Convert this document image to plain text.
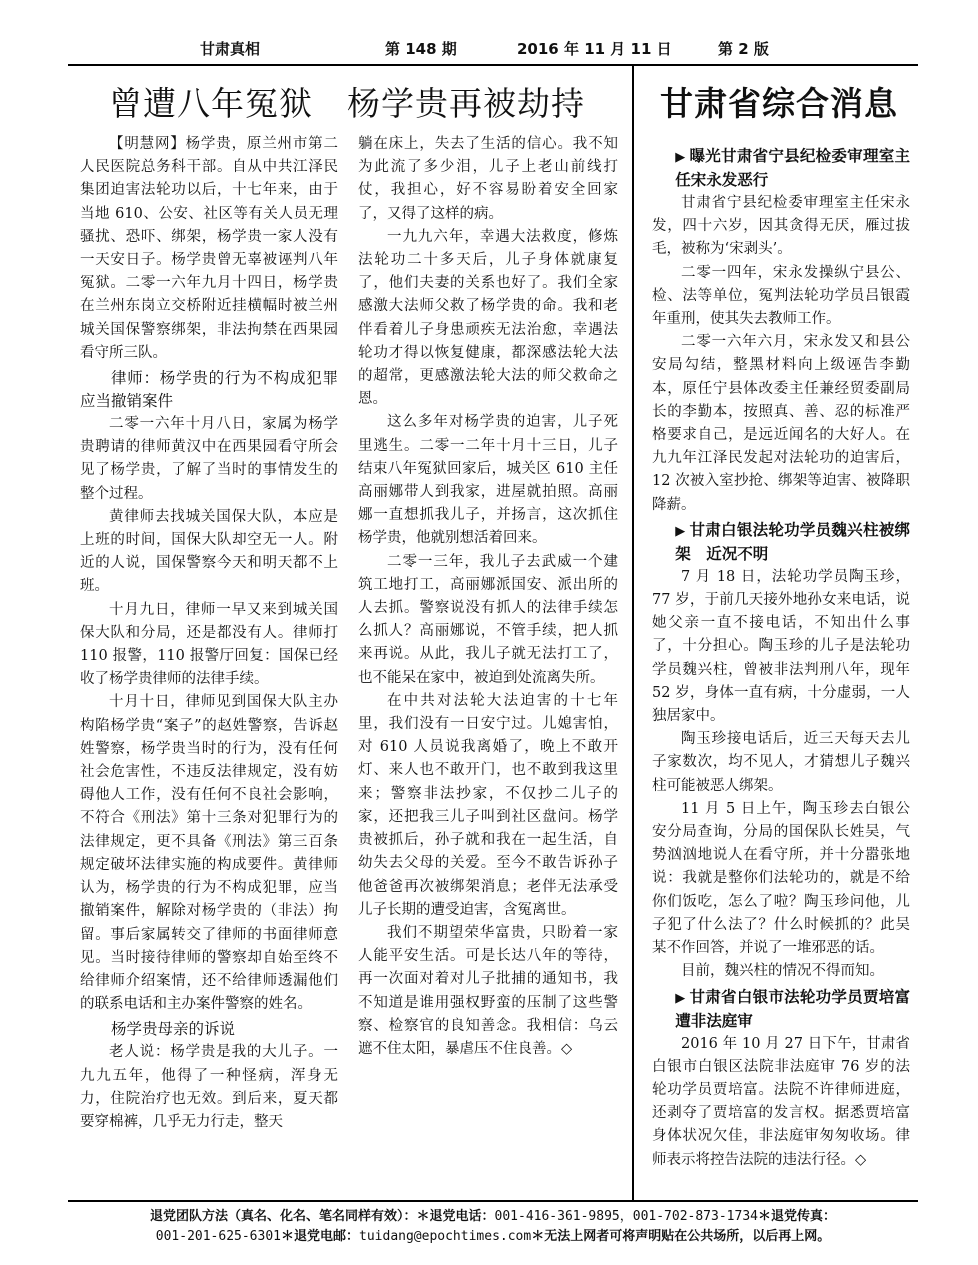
甘肃真相	第 148 期	2016 年 11 月 11 日	第 2 版
曾遭八年冤狱　杨学贵再被劫持	甘肃省综合消息

【明慧网】杨学贵，原兰州市第二人民医院总务科干部。自从中共江泽民集团迫害法轮功以后，十七年来，由于当地 610、公安、社区等有关人员无理骚扰、恐吓、绑架，杨学贵一家人没有一天安日子。杨学贵曾无辜被诬判八年冤狱。二零一六年九月十四日，杨学贵在兰州东岗立交桥附近挂横幅时被兰州城关国保警察绑架，非法拘禁在西果园看守所三队。

律师：杨学贵的行为不构成犯罪　　应当撤销案件

二零一六年十月八日，家属为杨学贵聘请的律师黄汉中在西果园看守所会见了杨学贵，了解了当时的事情发生的整个过程。

黄律师去找城关国保大队，本应是上班的时间，国保大队却空无一人。附近的人说，国保警察今天和明天都不上班。

十月九日，律师一早又来到城关国保大队和分局，还是都没有人。律师打 110 报警，110 报警厅回复：国保已经收了杨学贵律师的法律手续。

十月十日，律师见到国保大队主办构陷杨学贵“案子”的赵姓警察，告诉赵姓警察，杨学贵当时的行为，没有任何社会危害性，不违反法律规定，没有妨碍他人工作，没有任何不良社会影响，不符合《刑法》第十三条对犯罪行为的法律规定，更不具备《刑法》第三百条规定破坏法律实施的构成要件。黄律师认为，杨学贵的行为不构成犯罪，应当撤销案件，解除对杨学贵的（非法）拘留。事后家属转交了律师的书面律师意见。当时接待律师的警察却自始至终不给律师介绍案情，还不给律师透漏他们的联系电话和主办案件警察的姓名。

杨学贵母亲的诉说

老人说：杨学贵是我的大儿子。一九九五年，他得了一种怪病，浑身无力，住院治疗也无效。到后来，夏天都要穿棉裤，几乎无力行走，整天

躺在床上，失去了生活的信心。我不知为此流了多少泪，儿子上老山前线打仗，我担心，好不容易盼着安全回家了，又得了这样的病。

一九九六年，幸遇大法救度，修炼法轮功二十多天后，儿子身体就康复了，他们夫妻的关系也好了。我们全家感激大法师父救了杨学贵的命。我和老伴看着儿子身患顽疾无法治愈，幸遇法轮功才得以恢复健康，都深感法轮大法的超常，更感激法轮大法的师父救命之恩。

这么多年对杨学贵的迫害，儿子死里逃生。二零一二年十月十三日，儿子结束八年冤狱回家后，城关区 610 主任高丽娜带人到我家，进屋就拍照。高丽娜一直想抓我儿子，并扬言，这次抓住杨学贵，他就别想活着回来。

二零一三年，我儿子去武威一个建筑工地打工，高丽娜派国安、派出所的人去抓。警察说没有抓人的法律手续怎么抓人？高丽娜说，不管手续，把人抓来再说。从此，我儿子就无法打工了，也不能呆在家中，被迫到处流离失所。

在中共对法轮大法迫害的十七年里，我们没有一日安宁过。儿媳害怕，对 610 人员说我离婚了，晚上不敢开灯、来人也不敢开门，也不敢到我这里来；警察非法抄家，不仅抄二儿子的家，还把我三儿子叫到社区盘问。杨学贵被抓后，孙子就和我在一起生活，自幼失去父母的关爱。至今不敢告诉孙子他爸爸再次被绑架消息；老伴无法承受儿子长期的遭受迫害，含冤离世。

我们不期望荣华富贵，只盼着一家人能平安生活。可是长达八年的等待，再一次面对着对儿子批捕的通知书，我不知道是谁用强权野蛮的压制了这些警察、检察官的良知善念。我相信：乌云遮不住太阳，暴虐压不住良善。◇

▶ 曝光甘肃省宁县纪检委审理室主任宋永发恶行

甘肃省宁县纪检委审理室主任宋永发，四十六岁，因其贪得无厌，雁过拔毛，被称为‘宋剥头’。

二零一四年，宋永发操纵宁县公、检、法等单位，冤判法轮功学员吕银霞年重刑，使其失去教师工作。

二零一六年六月，宋永发又和县公安局勾结，整黑材料向上级诬告李勤本，原任宁县体改委主任兼经贸委副局长的李勤本，按照真、善、忍的标准严格要求自己，是远近闻名的大好人。在九九年江泽民发起对法轮功的迫害后，12 次被入室抄抢、绑架等迫害、被降职降薪。

▶ 甘肃白银法轮功学员魏兴柱被绑架　近况不明

7 月 18 日，法轮功学员陶玉珍，77 岁，于前几天接外地孙女来电话，说她父亲一直不接电话，不知出什么事了，十分担心。陶玉珍的儿子是法轮功学员魏兴柱，曾被非法判刑八年，现年 52 岁，身体一直有病，十分虚弱，一人独居家中。

陶玉珍接电话后，近三天每天去儿子家数次，均不见人，才猜想儿子魏兴柱可能被恶人绑架。

11 月 5 日上午，陶玉珍去白银公安分局查询，分局的国保队长姓吴，气势汹汹地说人在看守所，并十分嚣张地说：我就是整你们法轮功的，就是不给你们饭吃，怎么了啦？陶玉珍问他，儿子犯了什么法了？什么时候抓的？此吴某不作回答，并说了一堆邪恶的话。

目前，魏兴柱的情况不得而知。

▶ 甘肃省白银市法轮功学员贾培富遭非法庭审

2016 年 10 月 27 日下午，甘肃省白银市白银区法院非法庭审 76 岁的法轮功学员贾培富。法院不许律师进庭，还剥夺了贾培富的发言权。据悉贾培富身体状况欠佳，非法庭审匆匆收场。律师表示将控告法院的违法行径。◇

退党团队方法（真名、化名、笔名同样有效）：＊退党电话：001-416-361-9895，001-702-873-1734＊退党传真：
001-201-625-6301＊退党电邮：tuidang@epochtimes.com＊无法上网者可将声明贴在公共场所，以后再上网。
